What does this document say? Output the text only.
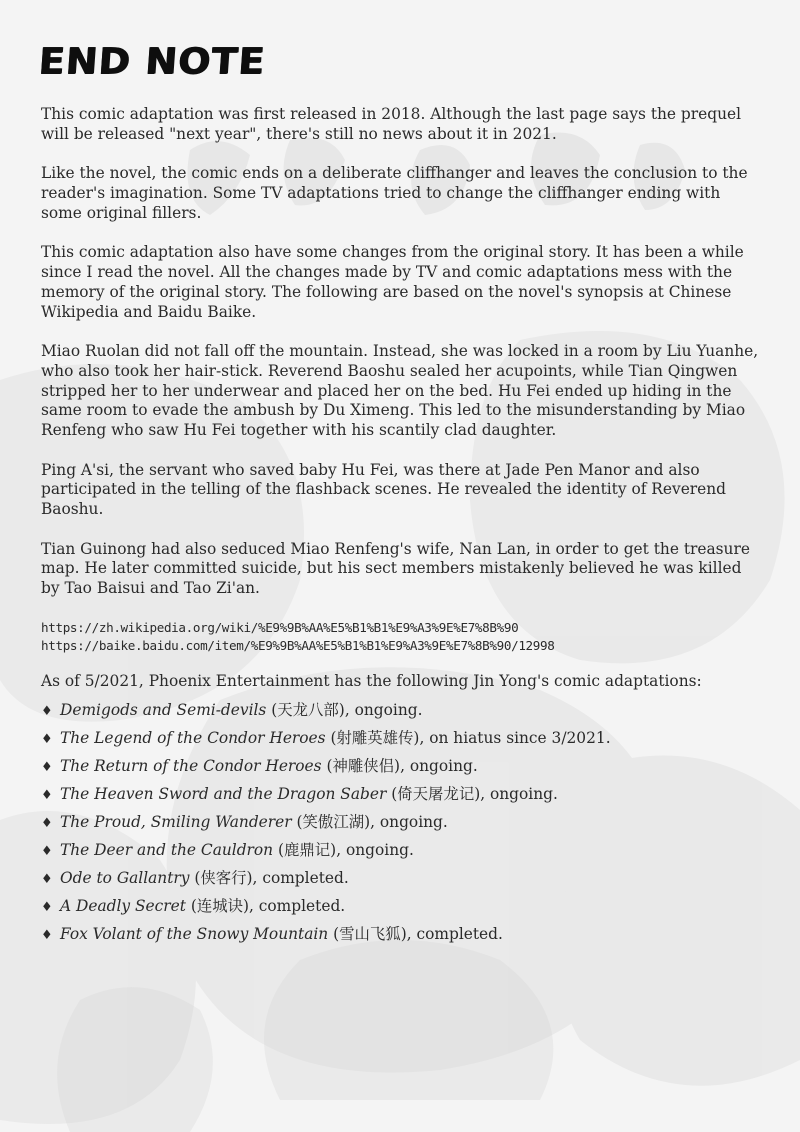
END NOTE

This comic adaptation was first released in 2018. Although the last page says the prequel will be released "next year", there's still no news about it in 2021.

Like the novel, the comic ends on a deliberate cliffhanger and leaves the conclusion to the reader's imagination. Some TV adaptations tried to change the cliffhanger ending with some original fillers.

This comic adaptation also have some changes from the original story. It has been a while since I read the novel. All the changes made by TV and comic adaptations mess with the memory of the original story. The following are based on the novel's synopsis at Chinese Wikipedia and Baidu Baike.

Miao Ruolan did not fall off the mountain. Instead, she was locked in a room by Liu Yuanhe, who also took her hair-stick. Reverend Baoshu sealed her acupoints, while Tian Qingwen stripped her to her underwear and placed her on the bed. Hu Fei ended up hiding in the same room to evade the ambush by Du Ximeng. This led to the misunderstanding by Miao Renfeng who saw Hu Fei together with his scantily clad daughter.

Ping A'si, the servant who saved baby Hu Fei, was there at Jade Pen Manor and also participated in the telling of the flashback scenes. He revealed the identity of Reverend Baoshu.

Tian Guinong had also seduced Miao Renfeng's wife, Nan Lan, in order to get the treasure map. He later committed suicide, but his sect members mistakenly believed he was killed by Tao Baisui and Tao Zi'an.

https://zh.wikipedia.org/wiki/%E9%9B%AA%E5%B1%B1%E9%A3%9E%E7%8B%90
https://baike.baidu.com/item/%E9%9B%AA%E5%B1%B1%E9%A3%9E%E7%8B%90/12998

As of 5/2021, Phoenix Entertainment has the following Jin Yong's comic adaptations:

♦ Demigods and Semi-devils (天龙八部), ongoing.
♦ The Legend of the Condor Heroes (射雕英雄传), on hiatus since 3/2021.
♦ The Return of the Condor Heroes (神雕侠侣), ongoing.
♦ The Heaven Sword and the Dragon Saber (倚天屠龙记), ongoing.
♦ The Proud, Smiling Wanderer (笑傲江湖), ongoing.
♦ The Deer and the Cauldron (鹿鼎记), ongoing.
♦ Ode to Gallantry (侠客行), completed.
♦ A Deadly Secret (连城诀), completed.
♦ Fox Volant of the Snowy Mountain (雪山飞狐), completed.
